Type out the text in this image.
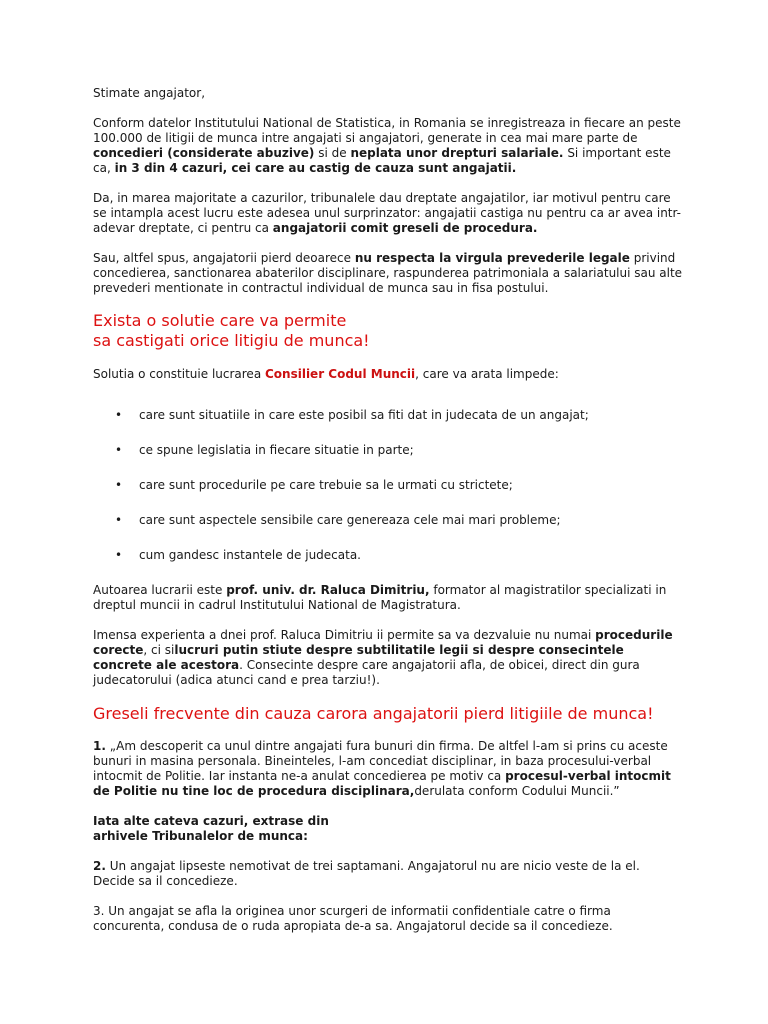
Stimate angajator,

Conform datelor Institutului National de Statistica, in Romania se inregistreaza in fiecare an peste 100.000 de litigii de munca intre angajati si angajatori, generate in cea mai mare parte de concedieri (considerate abuzive) si de neplata unor drepturi salariale. Si important este ca, in 3 din 4 cazuri, cei care au castig de cauza sunt angajatii.

Da, in marea majoritate a cazurilor, tribunalele dau dreptate angajatilor, iar motivul pentru care se intampla acest lucru este adesea unul surprinzator: angajatii castiga nu pentru ca ar avea intr-adevar dreptate, ci pentru ca angajatorii comit greseli de procedura.

Sau, altfel spus, angajatorii pierd deoarece nu respecta la virgula prevederile legale privind concedierea, sanctionarea abaterilor disciplinare, raspunderea patrimoniala a salariatului sau alte prevederi mentionate in contractul individual de munca sau in fisa postului.

Exista o solutie care va permite
sa castigati orice litigiu de munca!

Solutia o constituie lucrarea Consilier Codul Muncii, care va arata limpede:

• care sunt situatiile in care este posibil sa fiti dat in judecata de un angajat;
• ce spune legislatia in fiecare situatie in parte;
• care sunt procedurile pe care trebuie sa le urmati cu strictete;
• care sunt aspectele sensibile care genereaza cele mai mari probleme;
• cum gandesc instantele de judecata.

Autoarea lucrarii este prof. univ. dr. Raluca Dimitriu, formator al magistratilor specializati in dreptul muncii in cadrul Institutului National de Magistratura.

Imensa experienta a dnei prof. Raluca Dimitriu ii permite sa va dezvaluie nu numai procedurile corecte, ci silucruri putin stiute despre subtilitatile legii si despre consecintele concrete ale acestora. Consecinte despre care angajatorii afla, de obicei, direct din gura judecatorului (adica atunci cand e prea tarziu!).

Greseli frecvente din cauza carora angajatorii pierd litigiile de munca!

1. „Am descoperit ca unul dintre angajati fura bunuri din firma. De altfel l-am si prins cu aceste bunuri in masina personala. Bineinteles, l-am concediat disciplinar, in baza procesului-verbal intocmit de Politie. Iar instanta ne-a anulat concedierea pe motiv ca procesul-verbal intocmit de Politie nu tine loc de procedura disciplinara,derulata conform Codului Muncii.”

Iata alte cateva cazuri, extrase din
arhivele Tribunalelor de munca:

2. Un angajat lipseste nemotivat de trei saptamani. Angajatorul nu are nicio veste de la el. Decide sa il concedieze.

3. Un angajat se afla la originea unor scurgeri de informatii confidentiale catre o firma concurenta, condusa de o ruda apropiata de-a sa. Angajatorul decide sa il concedieze.
